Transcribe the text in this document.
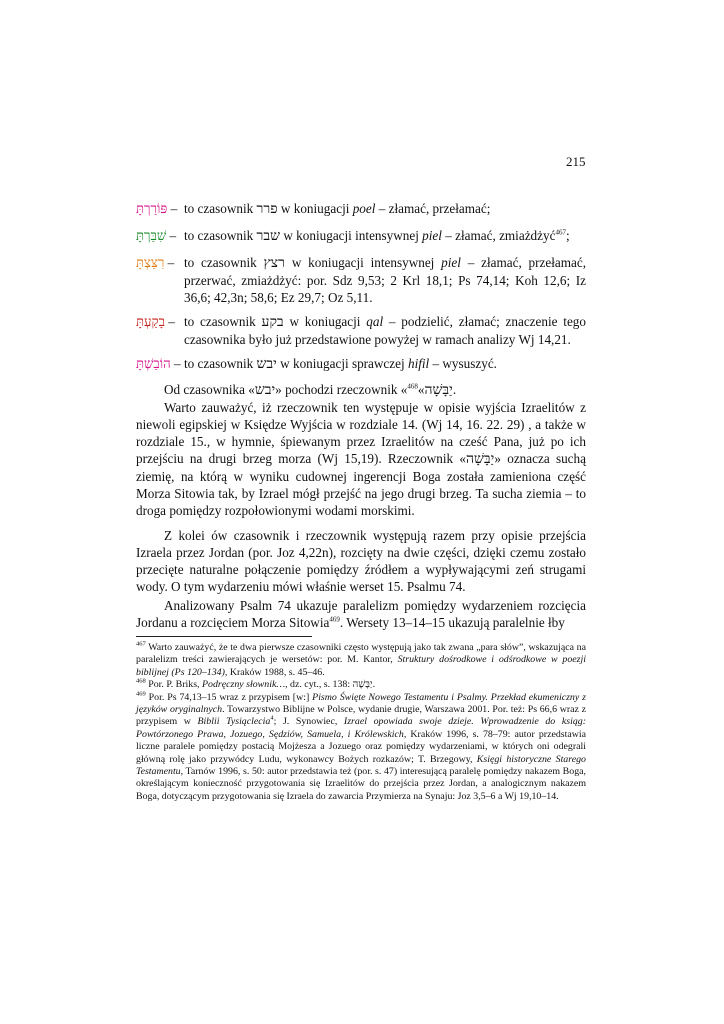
215
פּוֹרַרְתָּ – to czasownik פרר w koniugacji poel – złamać, przełamać;
שִׁבַּרְתָּ – to czasownik שבר w koniugacji intensywnej piel – złamać, zmiażdżyć$^{467}$;
רִצַּצְתָּ – to czasownik רצץ w koniugacji intensywnej piel – złamać, przełamać, przerwać, zmiażdżyć: por. Sdz 9,53; 2 Krl 18,1; Ps 74,14; Koh 12,6; Iz 36,6; 42,3n; 58,6; Ez 29,7; Oz 5,11.
בָקַעְתָּ – to czasownik בקע w koniugacji qal – podzielić, złamać; znaczenie tego czasownika było już przedstawione powyżej w ramach analizy Wj 14,21.
הוֹבַשְׁתָּ – to czasownik יבש w koniugacji sprawczej hifil – wysuszyć.

Od czasownika «יבש» pochodzi rzeczownik « יַבָּשָׁה»$^{468}$	.

Warto zauważyć, iż rzeczownik ten występuje w opisie wyjścia Izraelitów z niewoli egipskiej w Księdze Wyjścia w rozdziale 14. (Wj 14, 16. 22. 29) , a także w rozdziale 15., w hymnie, śpiewanym przez Izraelitów na cześć Pana, już po ich przejściu na drugi brzeg morza (Wj 15,19). Rzeczownik «יַבָּשָׁה» oznacza suchą ziemię, na którą w wyniku cudownej ingerencji Boga została zamieniona część Morza Sitowia tak, by Izrael mógł przejść na jego drugi brzeg. Ta sucha ziemia – to droga pomiędzy rozpołowionymi wodami morskimi.

Z kolei ów czasownik i rzeczownik występują razem przy opisie przejścia Izraela przez Jordan (por. Joz 4,22n), rozcięty na dwie części, dzięki czemu zostało przecięte naturalne połączenie pomiędzy źródłem a wypływającymi zeń strugami wody. O tym wydarzeniu mówi właśnie werset 15. Psalmu 74.

Analizowany Psalm 74 ukazuje paralelizm pomiędzy wydarzeniem rozcięcia Jordanu a rozcięciem Morza Sitowia$^{469}$. Wersety 13–14–15 ukazują paralelnie łby

$^{467}$ Warto zauważyć, że te dwa pierwsze czasowniki często występują jako tak zwana „para słów”, wskazująca na paralelizm treści zawierających je wersetów: por. M. Kantor, Struktury dośrodkowe i odśrodkowe w poezji biblijnej (Ps 120–134), Kraków 1988, s. 45–46.

$^{468}$ Por. P. Briks, Podręczny słownik…, dz. cyt., s. 138: יַבָּשָׁה.

$^{469}$ Por. Ps 74,13–15 wraz z przypisem [w:] Pismo Święte Nowego Testamentu i Psalmy. Przekład ekumeniczny z języków oryginalnych. Towarzystwo Biblijne w Polsce, wydanie drugie, Warszawa 2001. Por. też: Ps 66,6 wraz z przypisem w Biblii Tysiąclecia$^4$; J. Synowiec, Izrael opowiada swoje dzieje. Wprowadzenie do ksiąg: Powtórzonego Prawa, Jozuego, Sędziów, Samuela, i Królewskich, Kraków 1996, s. 78–79: autor przedstawia liczne paralele pomiędzy postacią Mojżesza a Jozuego oraz pomiędzy wydarzeniami, w których oni odegrali główną rolę jako przywódcy Ludu, wykonawcy Bożych rozkazów; T. Brzegowy, Księgi historyczne Starego Testamentu, Tarnów 1996, s. 50: autor przedstawia też (por. s. 47) interesującą paralelę pomiędzy nakazem Boga, określającym konieczność przygotowania się Izraelitów do przejścia przez Jordan, a analogicznym nakazem Boga, dotyczącym przygotowania się Izraela do zawarcia Przymierza na Synaju: Joz 3,5–6 a Wj 19,10–14.
